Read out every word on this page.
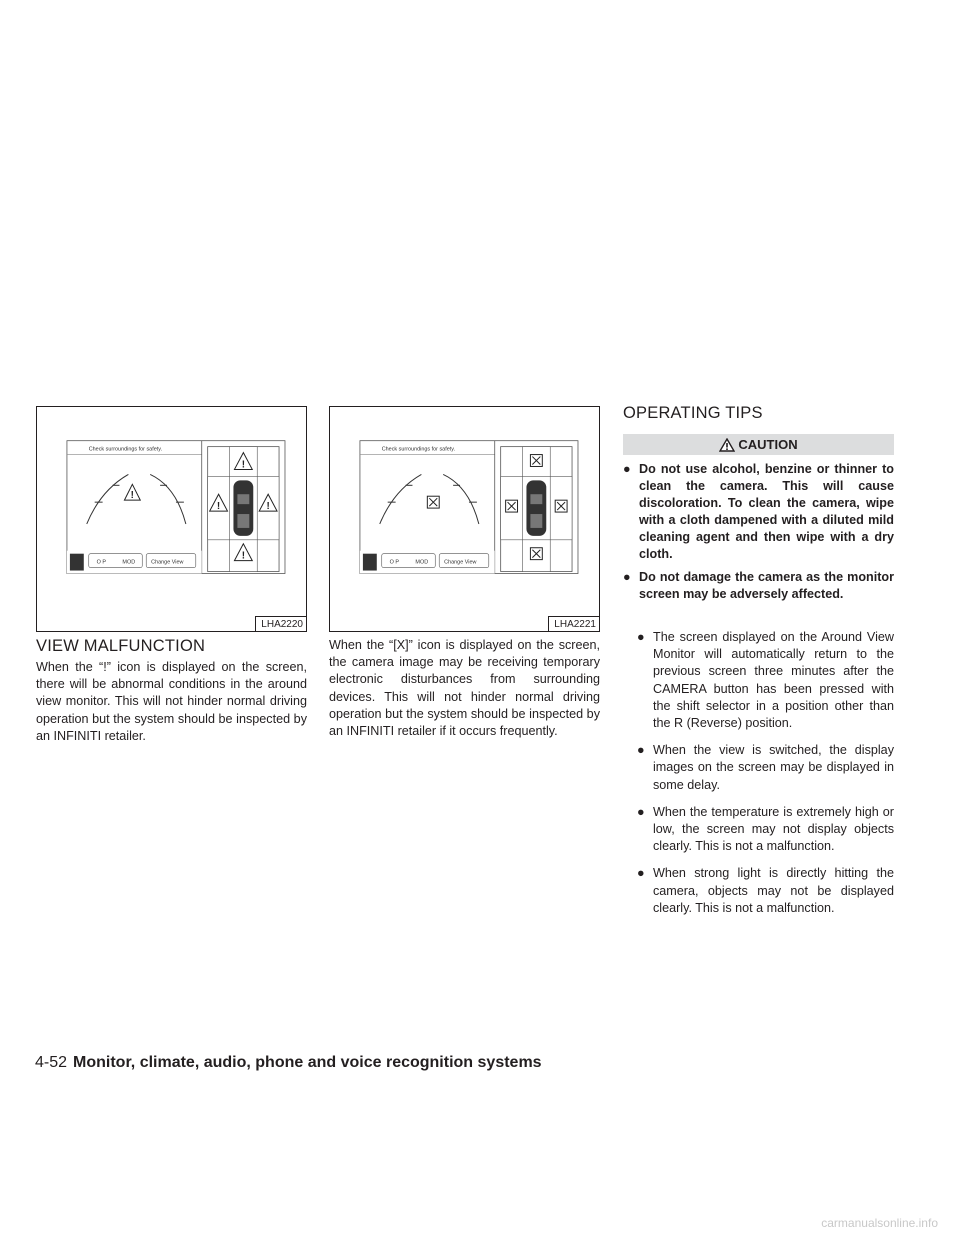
Check surroundings for safety.
!
O P	MOD	Change View
!
!	!
!
LHA2220
Check surroundings for safety.
O P	MOD	Change View
LHA2221
VIEW MALFUNCTION

When the “!” icon is displayed on the screen, there will be abnormal conditions in the around view monitor. This will not hinder normal driving operation but the system should be inspected by an INFINITI retailer.

When the “[X]” icon is displayed on the screen, the camera image may be receiving temporary electronic disturbances from surrounding devices. This will not hinder normal driving operation but the system should be inspected by an INFINITI retailer if it occurs frequently.

OPERATING TIPS
CAUTION
● Do not use alcohol, benzine or thinner to clean the camera. This will cause discoloration. To clean the camera, wipe with a cloth dampened with a diluted mild cleaning agent and then wipe with a dry cloth.
● Do not damage the camera as the monitor screen may be adversely affected.
● The screen displayed on the Around View Monitor will automatically return to the previous screen three minutes after the CAMERA button has been pressed with the shift selector in a position other than the R (Reverse) position.
● When the view is switched, the display images on the screen may be displayed in some delay.
● When the temperature is extremely high or low, the screen may not display objects clearly. This is not a malfunction.
● When strong light is directly hitting the camera, objects may not be displayed clearly. This is not a malfunction.
4-52 Monitor, climate, audio, phone and voice recognition systems
carmanualsonline.info
